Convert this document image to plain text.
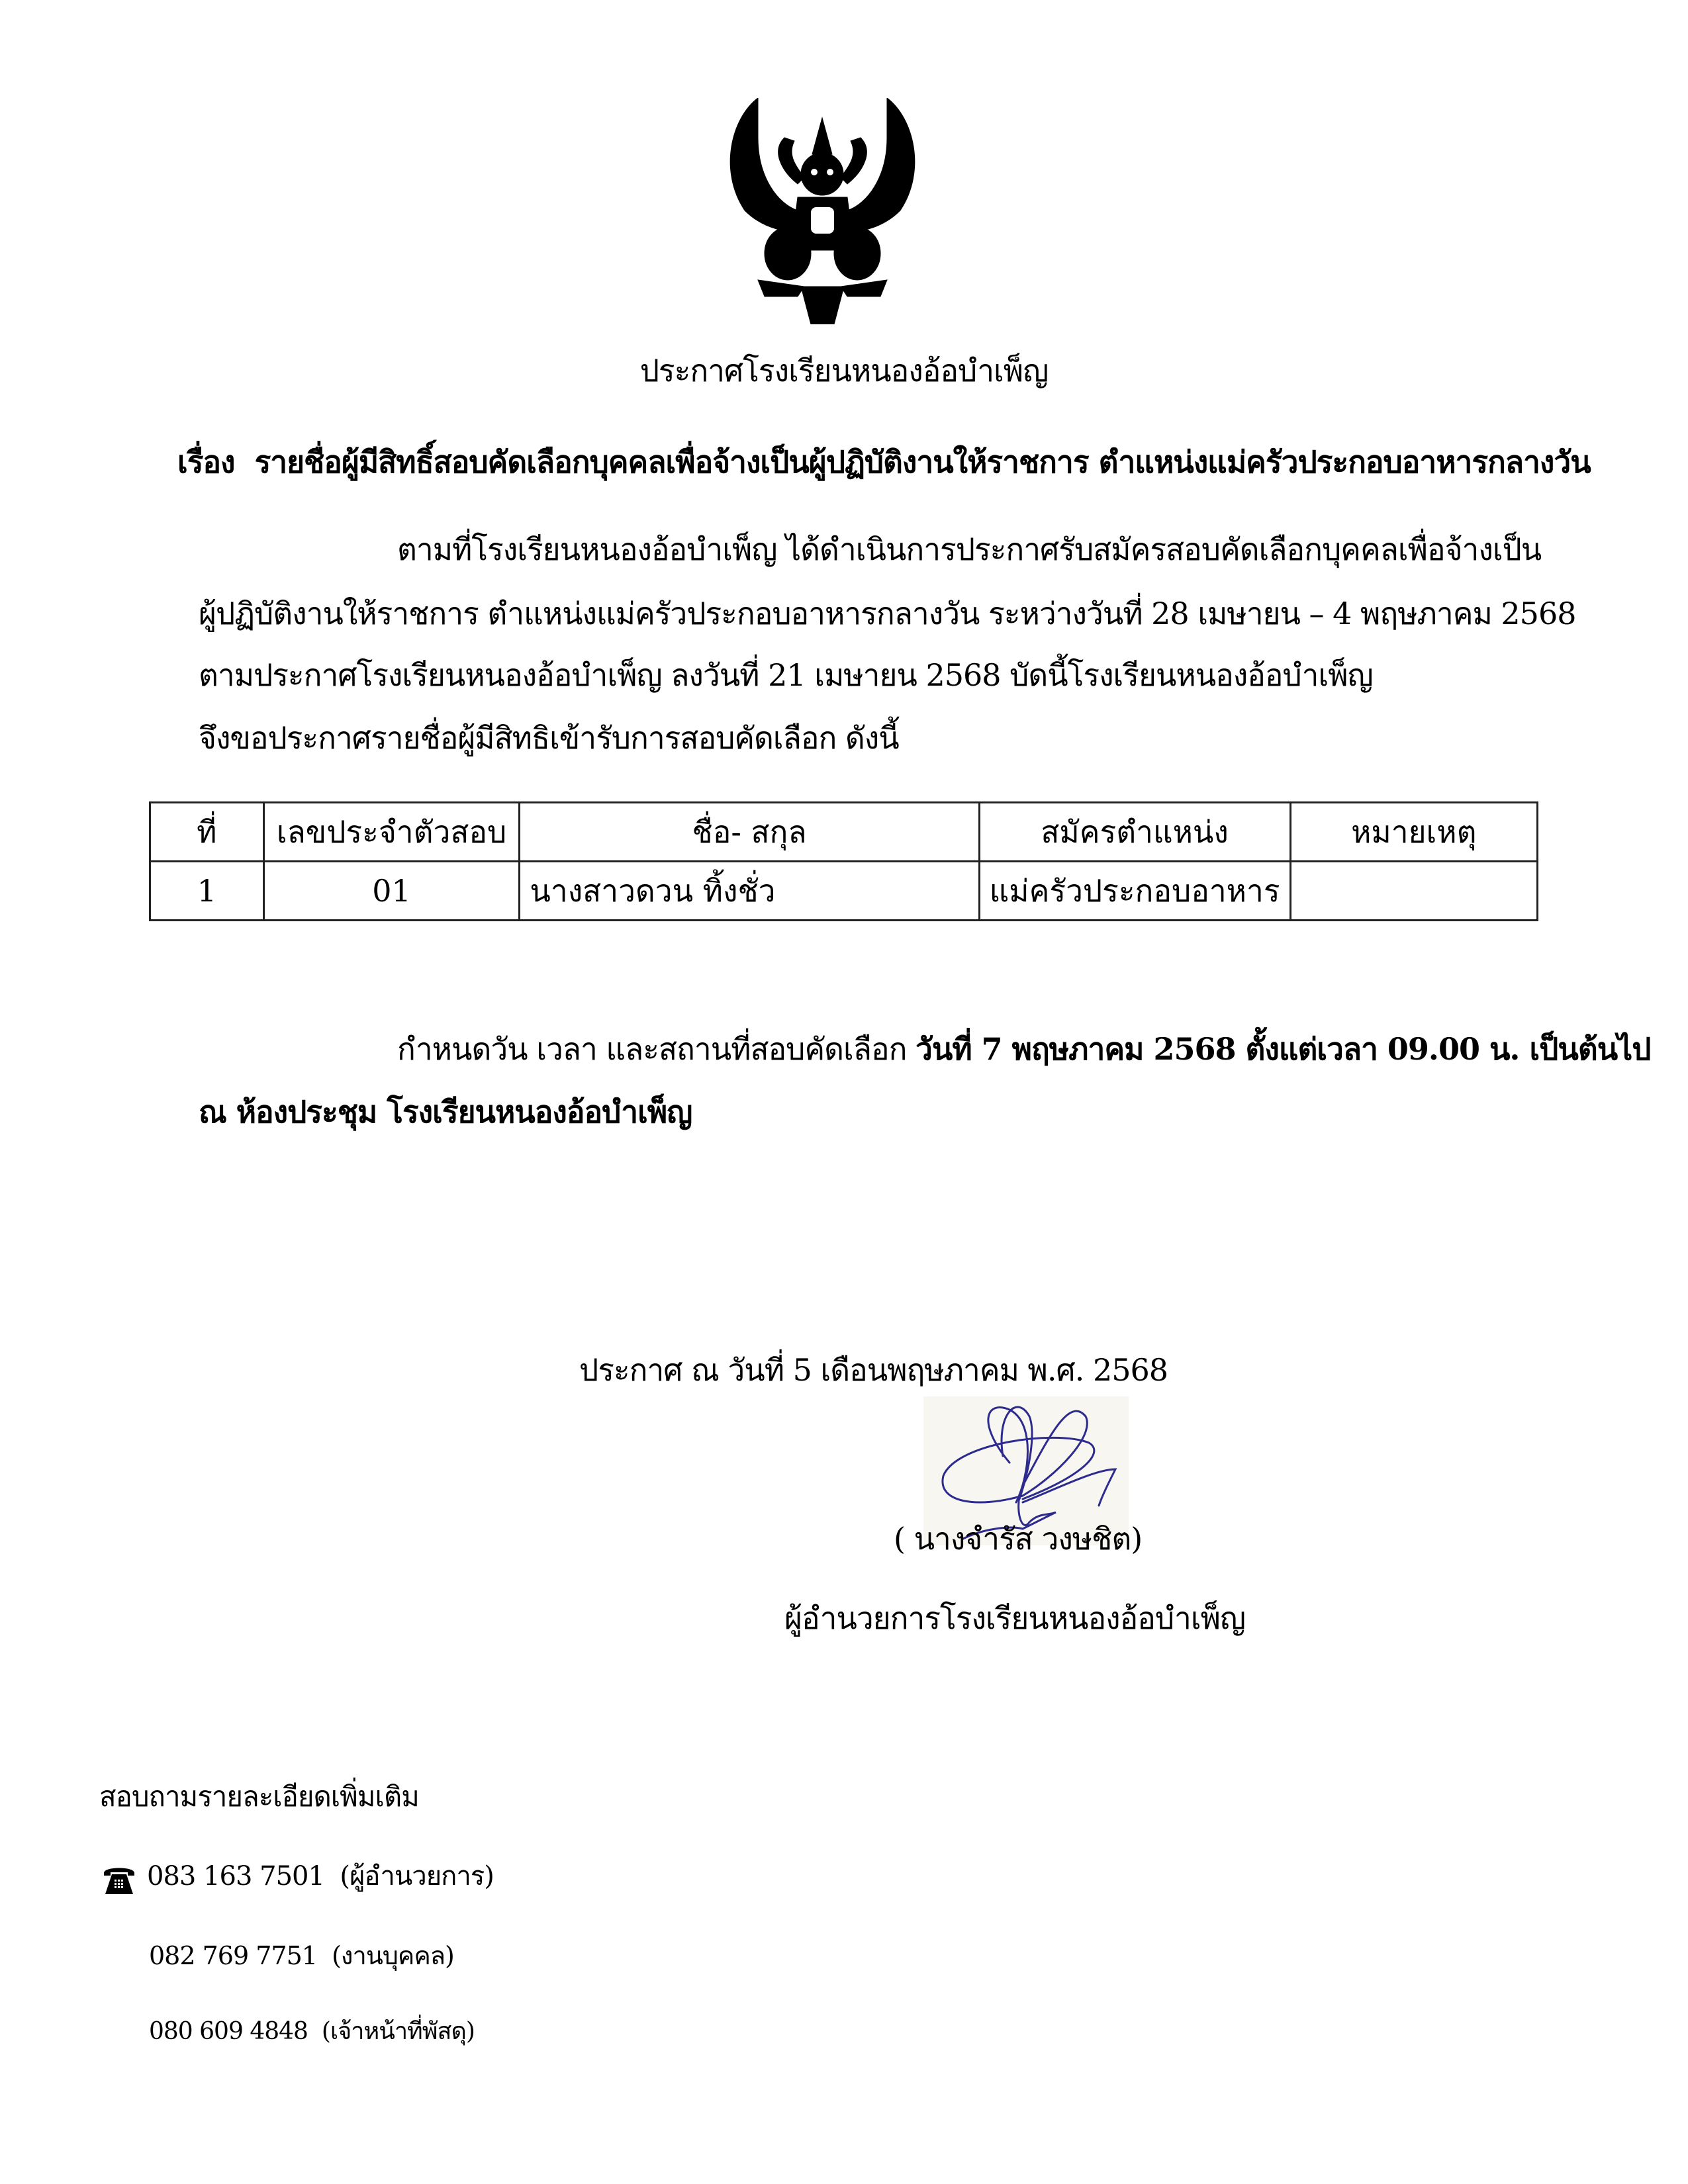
ประกาศโรงเรียนหนองอ้อบำเพ็ญ
เรื่อง รายชื่อผู้มีสิทธิ์สอบคัดเลือกบุคคลเพื่อจ้างเป็นผู้ปฏิบัติงานให้ราชการ ตำแหน่งแม่ครัวประกอบอาหารกลางวัน
ตามที่โรงเรียนหนองอ้อบำเพ็ญ ได้ดำเนินการประกาศรับสมัครสอบคัดเลือกบุคคลเพื่อจ้างเป็น
ผู้ปฏิบัติงานให้ราชการ ตำแหน่งแม่ครัวประกอบอาหารกลางวัน ระหว่างวันที่ 28 เมษายน – 4 พฤษภาคม 2568
ตามประกาศโรงเรียนหนองอ้อบำเพ็ญ ลงวันที่ 21 เมษายน 2568 บัดนี้โรงเรียนหนองอ้อบำเพ็ญ
จึงขอประกาศรายชื่อผู้มีสิทธิเข้ารับการสอบคัดเลือก ดังนี้
ที่	เลขประจำตัวสอบ	ชื่อ- สกุล	สมัครตำแหน่ง	หมายเหตุ
1	01	นางสาวดวน ทิ้งชั่ว	แม่ครัวประกอบอาหาร	
กำหนดวัน เวลา และสถานที่สอบคัดเลือก วันที่ 7 พฤษภาคม 2568 ตั้งแต่เวลา 09.00 น. เป็นต้นไป
ณ ห้องประชุม โรงเรียนหนองอ้อบำเพ็ญ
ประกาศ ณ วันที่ 5 เดือนพฤษภาคม พ.ศ. 2568
( นางจำรัส วงษชิต)
ผู้อำนวยการโรงเรียนหนองอ้อบำเพ็ญ
สอบถามรายละเอียดเพิ่มเติม
083 163 7501 (ผู้อำนวยการ)
082 769 7751 (งานบุคคล)
080 609 4848 (เจ้าหน้าที่พัสดุ)
